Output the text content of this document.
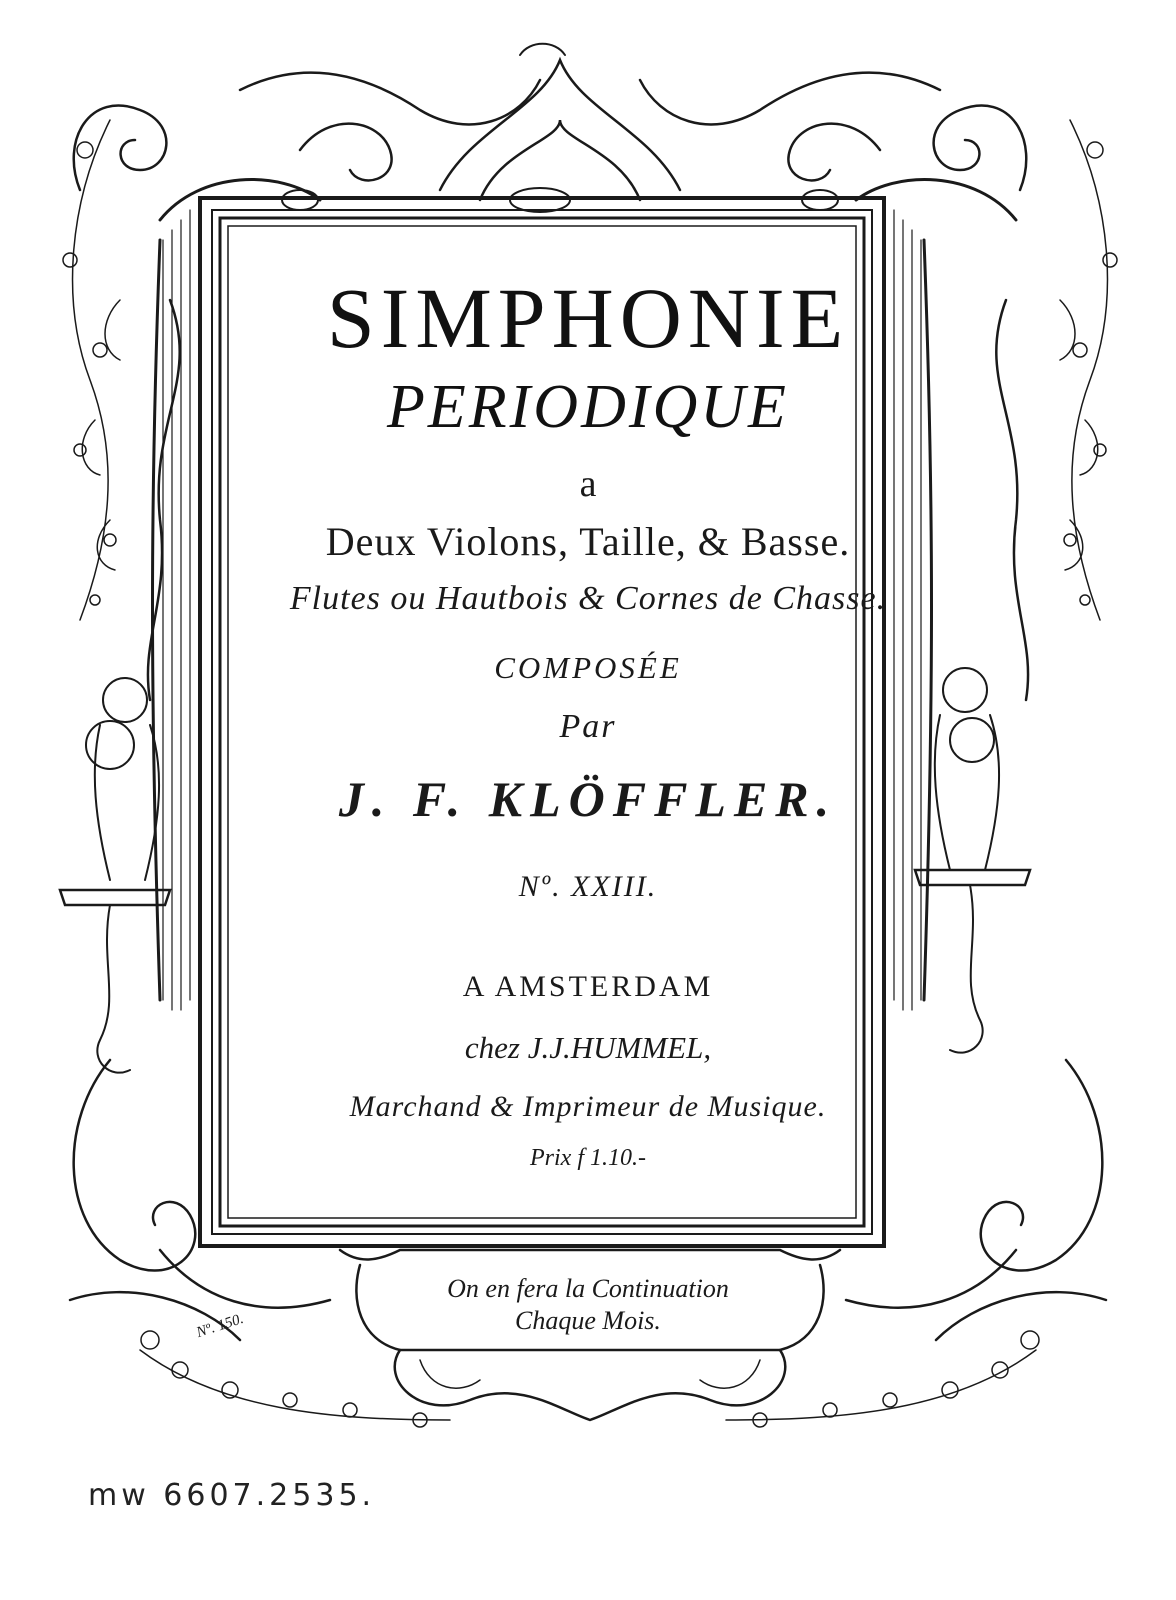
SIMPHONIE
PERIODIQUE
a
Deux Violons, Taille, & Basse.
Flutes ou Hautbois & Cornes de Chasse.
COMPOSÉE
Par
J. F. KLÖFFLER.
Nº. XXIII.
A AMSTERDAM
chez J.J.HUMMEL,
Marchand & Imprimeur de Musique.
Prix f 1.10.-
On en fera la Continuation
Chaque Mois.
Nº. 150.
mw 6607.2535.
